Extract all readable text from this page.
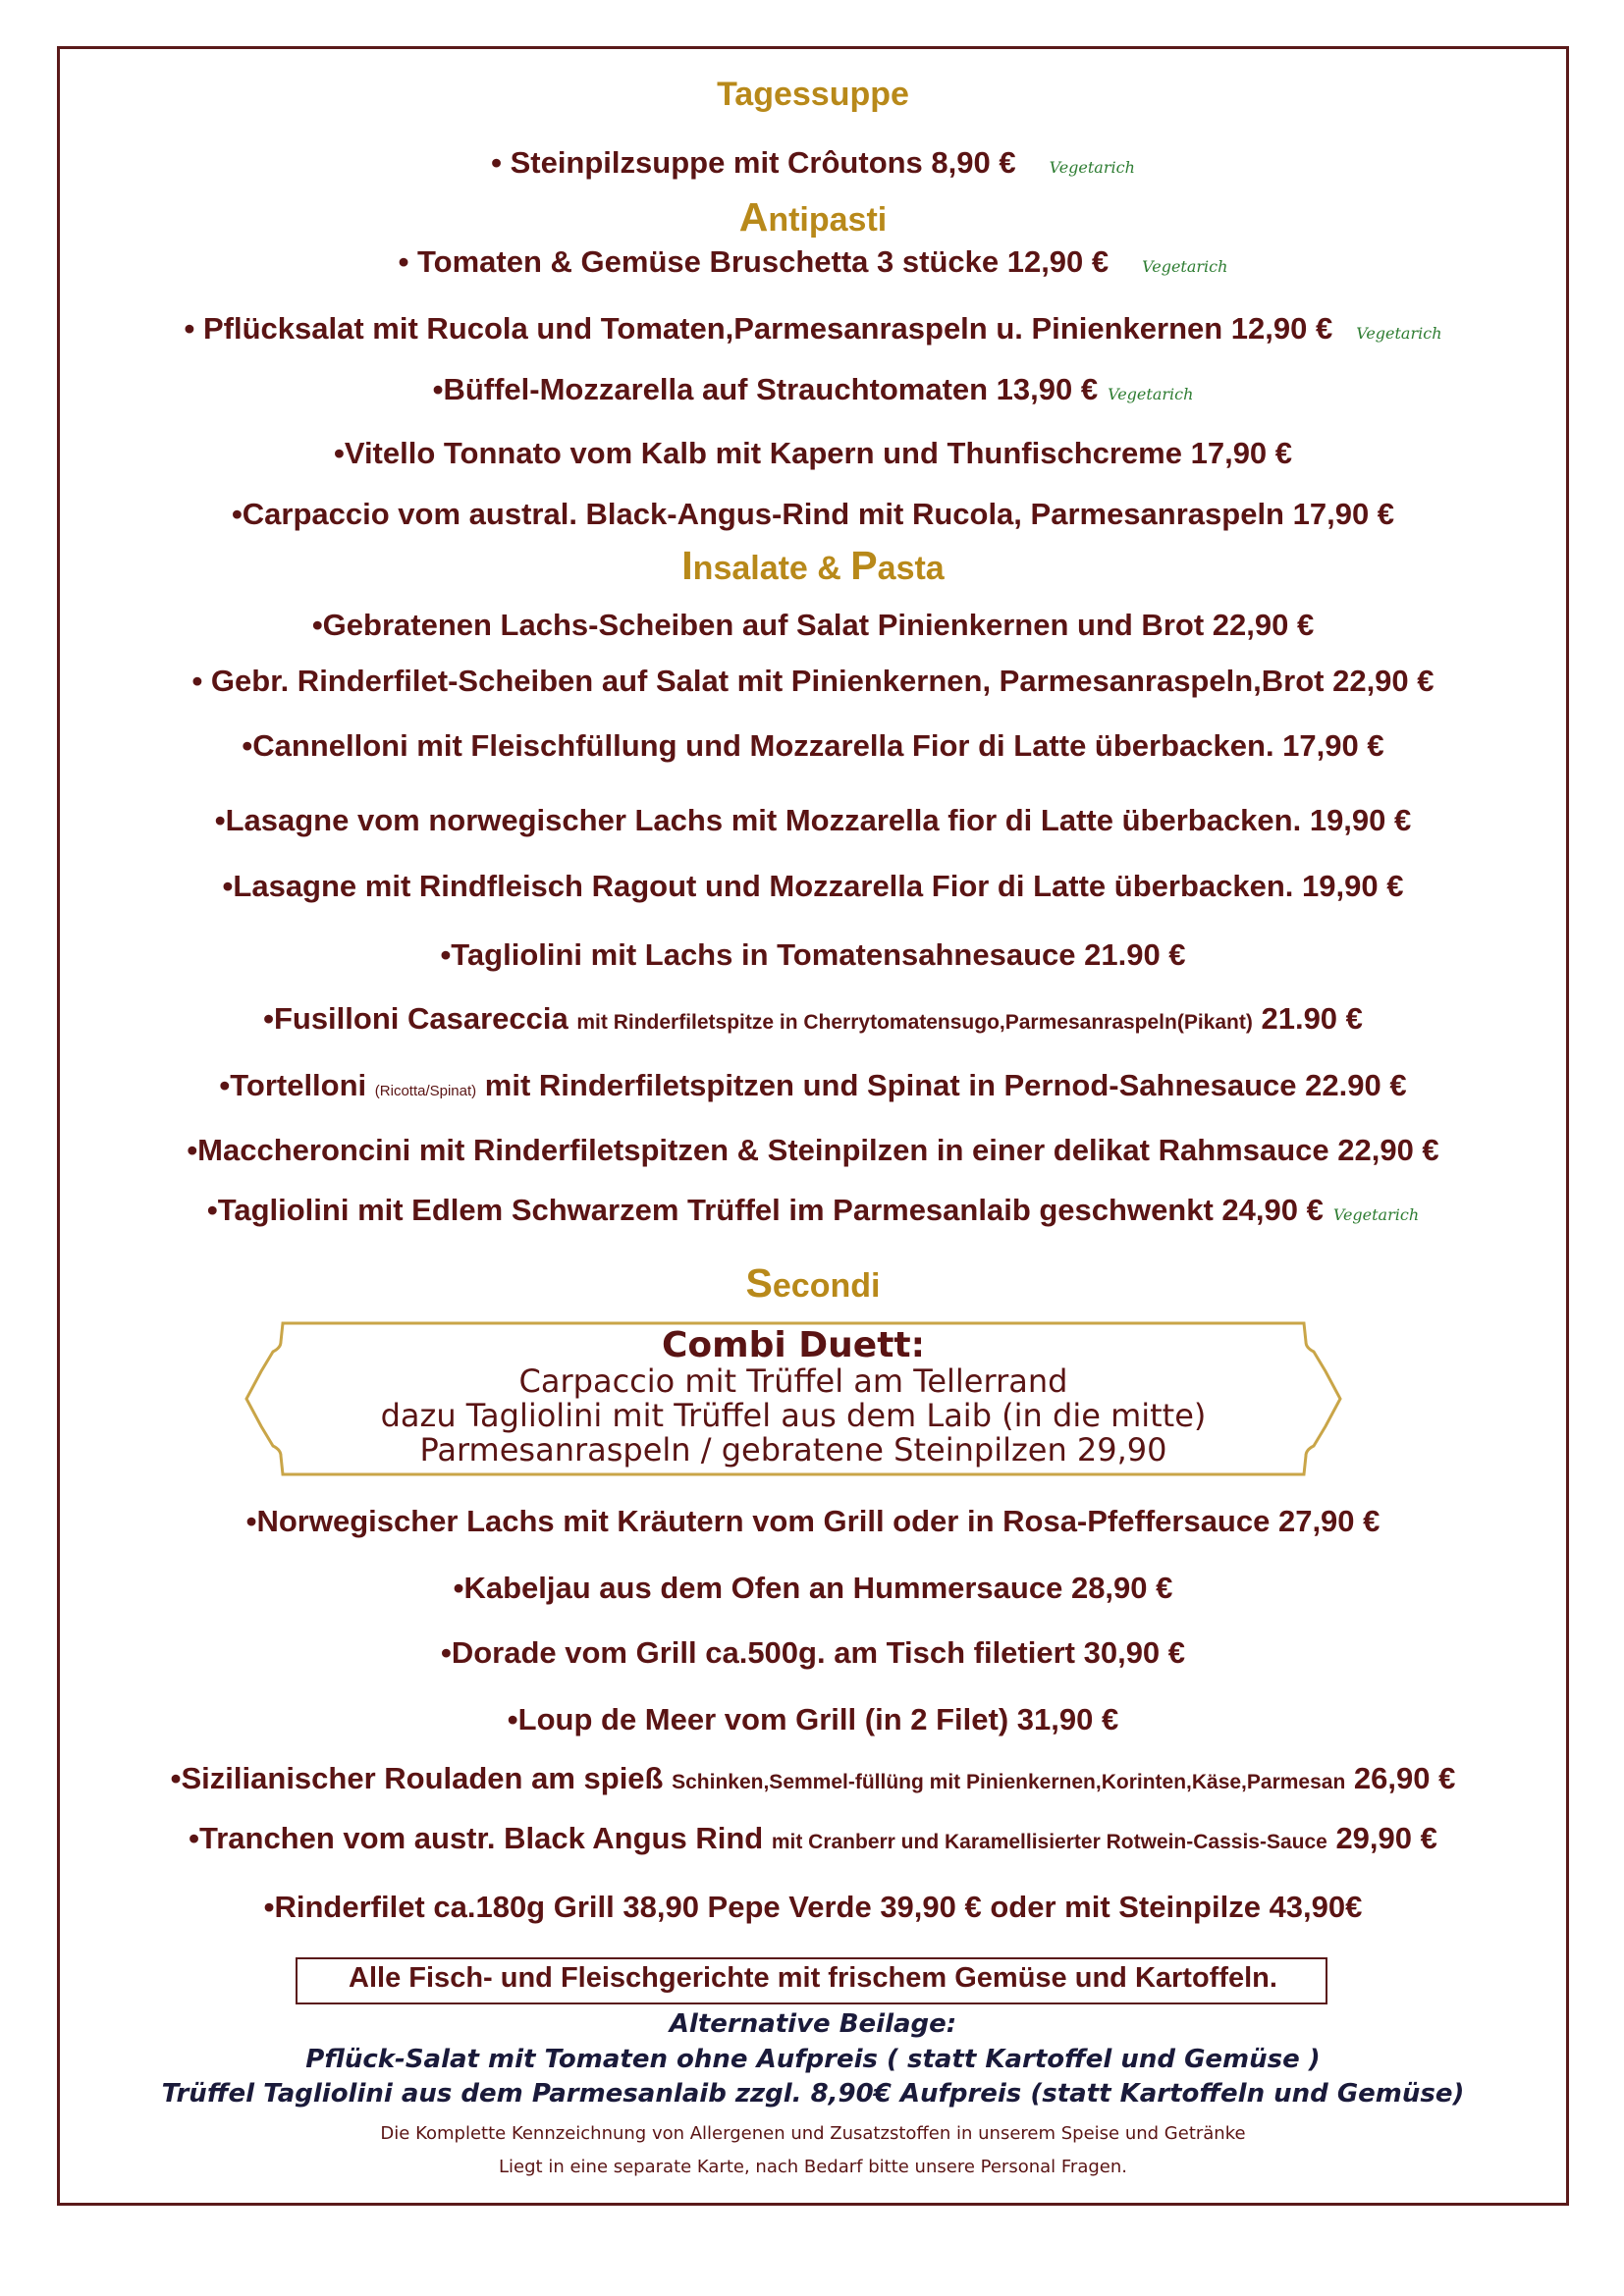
Tagessuppe
• Steinpilzsuppe mit Crôutons 8,90 € Vegetarich
Antipasti
• Tomaten & Gemüse Bruschetta 3 stücke 12,90 € Vegetarich
• Pflücksalat mit Rucola und Tomaten,Parmesanraspeln u. Pinienkernen 12,90 € Vegetarich
•Büffel-Mozzarella auf Strauchtomaten 13,90 € Vegetarich
•Vitello Tonnato vom Kalb mit Kapern und Thunfischcreme 17,90 €
•Carpaccio vom austral. Black-Angus-Rind mit Rucola, Parmesanraspeln 17,90 €
Insalate & Pasta
•Gebratenen Lachs-Scheiben auf Salat Pinienkernen und Brot 22,90 €
• Gebr. Rinderfilet-Scheiben auf Salat mit Pinienkernen, Parmesanraspeln,Brot 22,90 €
•Cannelloni mit Fleischfüllung und Mozzarella Fior di Latte überbacken. 17,90 €
•Lasagne vom norwegischer Lachs mit Mozzarella fior di Latte überbacken. 19,90 €
•Lasagne mit Rindfleisch Ragout und Mozzarella Fior di Latte überbacken. 19,90 €
•Tagliolini mit Lachs in Tomatensahnesauce 21.90 €
•Fusilloni Casareccia mit Rinderfiletspitze in Cherrytomatensugo,Parmesanraspeln(Pikant) 21.90 €
•Tortelloni (Ricotta/Spinat) mit Rinderfiletspitzen und Spinat in Pernod-Sahnesauce 22.90 €
•Maccheroncini mit Rinderfiletspitzen & Steinpilzen in einer delikat Rahmsauce 22,90 €
•Tagliolini mit Edlem Schwarzem Trüffel im Parmesanlaib geschwenkt 24,90 € Vegetarich
Secondi
Combi Duett:
Carpaccio mit Trüffel am Tellerrand
dazu Tagliolini mit Trüffel aus dem Laib (in die mitte)
Parmesanraspeln / gebratene Steinpilzen 29,90
•Norwegischer Lachs mit Kräutern vom Grill oder in Rosa-Pfeffersauce 27,90 €
•Kabeljau aus dem Ofen an Hummersauce 28,90 €
•Dorade vom Grill ca.500g. am Tisch filetiert 30,90 €
•Loup de Meer vom Grill (in 2 Filet) 31,90 €
•Sizilianischer Rouladen am spieß Schinken,Semmel-füllüng mit Pinienkernen,Korinten,Käse,Parmesan 26,90 €
•Tranchen vom austr. Black Angus Rind mit Cranberr und Karamellisierter Rotwein-Cassis-Sauce 29,90 €
•Rinderfilet ca.180g Grill 38,90 Pepe Verde 39,90 € oder mit Steinpilze 43,90€
Alle Fisch- und Fleischgerichte mit frischem Gemüse und Kartoffeln.
Alternative Beilage:
Pflück-Salat mit Tomaten ohne Aufpreis ( statt Kartoffel und Gemüse )
Trüffel Tagliolini aus dem Parmesanlaib zzgl. 8,90€ Aufpreis (statt Kartoffeln und Gemüse)
Die Komplette Kennzeichnung von Allergenen und Zusatzstoffen in unserem Speise und Getränke
Liegt in eine separate Karte, nach Bedarf bitte unsere Personal Fragen.
